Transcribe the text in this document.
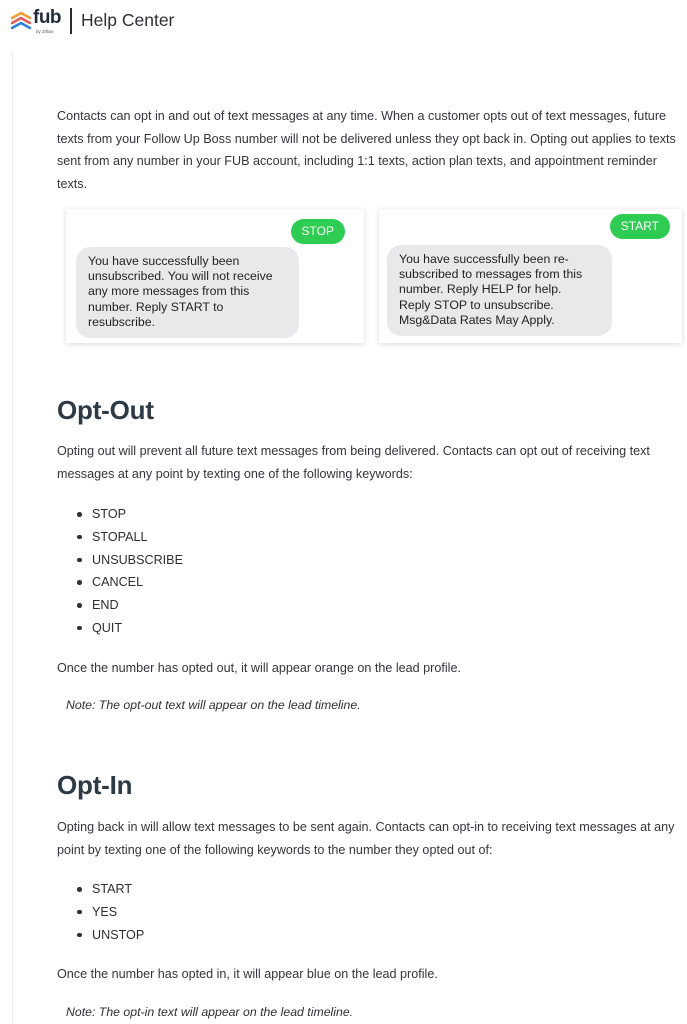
fub
by Zillow
Help Center

Contacts can opt in and out of text messages at any time. When a customer opts out of text messages, future texts from your Follow Up Boss number will not be delivered unless they opt back in. Opting out applies to texts sent from any number in your FUB account, including 1:1 texts, action plan texts, and appointment reminder texts.

STOP
You have successfully been
unsubscribed. You will not receive
any more messages from this
number. Reply START to
resubscribe.
START
You have successfully been re-
subscribed to messages from this
number. Reply HELP for help.
Reply STOP to unsubscribe.
Msg&Data Rates May Apply.
Opt-Out

Opting out will prevent all future text messages from being delivered. Contacts can opt out of receiving text messages at any point by texting one of the following keywords:

STOP
STOPALL
UNSUBSCRIBE
CANCEL
END
QUIT

Once the number has opted out, it will appear orange on the lead profile.

Note: The opt-out text will appear on the lead timeline.
Opt-In

Opting back in will allow text messages to be sent again. Contacts can opt-in to receiving text messages at any point by texting one of the following keywords to the number they opted out of:

START
YES
UNSTOP

Once the number has opted in, it will appear blue on the lead profile.

Note: The opt-in text will appear on the lead timeline.
